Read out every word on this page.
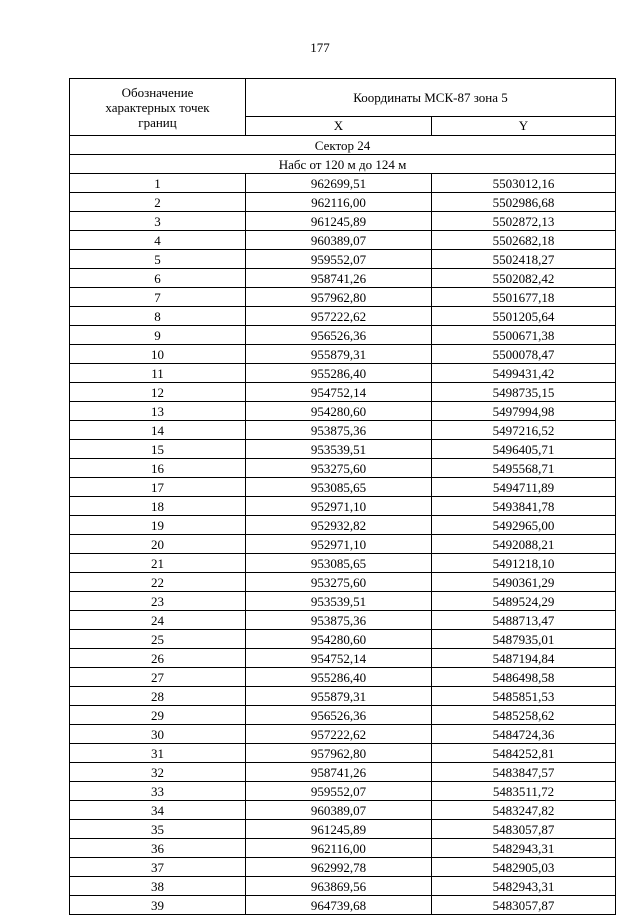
177
Обозначение
характерных точек
границ	Координаты МСК-87 зона 5	
	X	Y
Сектор 24		
Набс от 120 м до 124 м		
1	962699,51	5503012,16
2	962116,00	5502986,68
3	961245,89	5502872,13
4	960389,07	5502682,18
5	959552,07	5502418,27
6	958741,26	5502082,42
7	957962,80	5501677,18
8	957222,62	5501205,64
9	956526,36	5500671,38
10	955879,31	5500078,47
11	955286,40	5499431,42
12	954752,14	5498735,15
13	954280,60	5497994,98
14	953875,36	5497216,52
15	953539,51	5496405,71
16	953275,60	5495568,71
17	953085,65	5494711,89
18	952971,10	5493841,78
19	952932,82	5492965,00
20	952971,10	5492088,21
21	953085,65	5491218,10
22	953275,60	5490361,29
23	953539,51	5489524,29
24	953875,36	5488713,47
25	954280,60	5487935,01
26	954752,14	5487194,84
27	955286,40	5486498,58
28	955879,31	5485851,53
29	956526,36	5485258,62
30	957222,62	5484724,36
31	957962,80	5484252,81
32	958741,26	5483847,57
33	959552,07	5483511,72
34	960389,07	5483247,82
35	961245,89	5483057,87
36	962116,00	5482943,31
37	962992,78	5482905,03
38	963869,56	5482943,31
39	964739,68	5483057,87
